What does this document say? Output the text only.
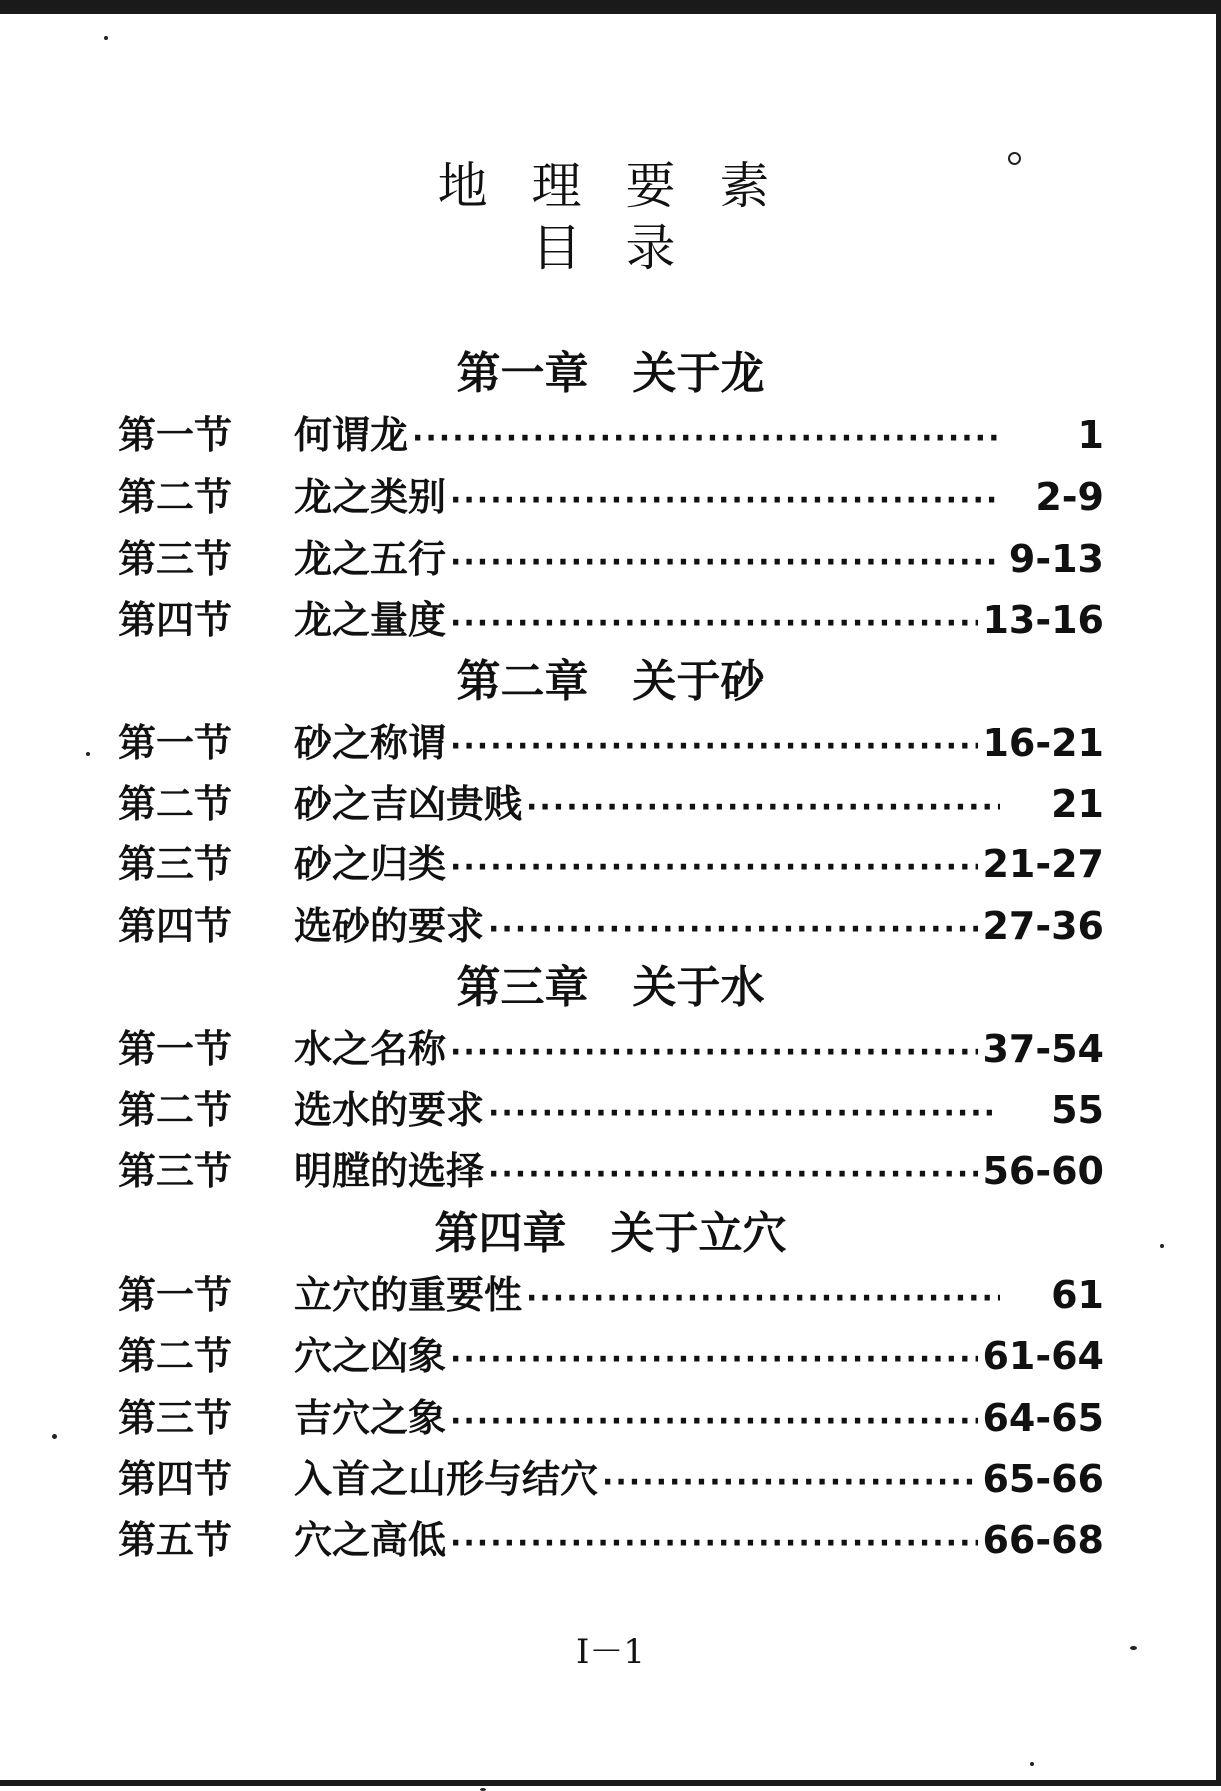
地 理 要 素
目 录
第一章　关于龙
第一节	何谓龙 ·····	1
第二节	龙之类别 ·····	2-9
第三节	龙之五行 ·····	9-13
第四节	龙之量度 ·····	13-16
第二章　关于砂
第一节	砂之称谓 ·····	16-21
第二节	砂之吉凶贵贱 ·····	21
第三节	砂之归类 ·····	21-27
第四节	选砂的要求 ·····	27-36
第三章　关于水
第一节	水之名称 ·····	37-54
第二节	选水的要求 ·····	55
第三节	明膛的选择 ·····	56-60
第四章　关于立穴
第一节	立穴的重要性 ·····	61
第二节	穴之凶象 ·····	61-64
第三节	吉穴之象 ·····	64-65
第四节	入首之山形与结穴 ·····	65-66
第五节	穴之高低 ·····	66-68
I－1
